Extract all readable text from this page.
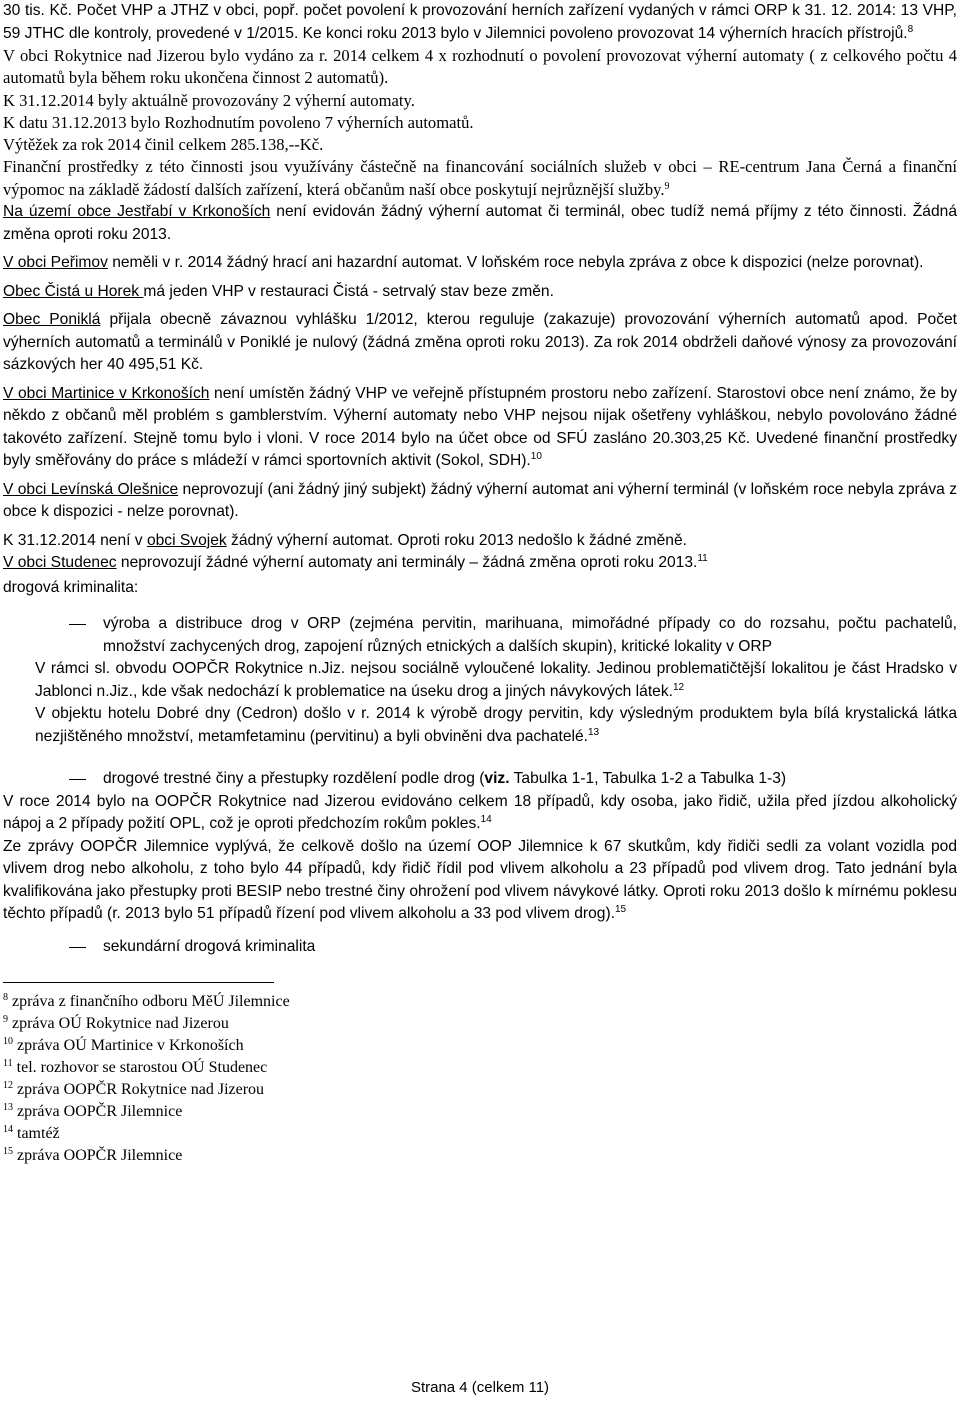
30 tis. Kč. Počet VHP a JTHZ v obci, popř. počet povolení k provozování herních zařízení vydaných v rámci ORP k 31. 12. 2014: 13 VHP, 59 JTHC dle kontroly, provedené v 1/2015. Ke konci roku 2013 bylo v Jilemnici povoleno provozovat 14 výherních hracích přístrojů.$^8$

V obci Rokytnice nad Jizerou bylo vydáno za r. 2014 celkem 4 x rozhodnutí o povolení provozovat výherní automaty ( z celkového počtu 4 automatů byla během roku ukončena činnost 2 automatů).

K 31.12.2014 byly aktuálně provozovány 2 výherní automaty.

K datu 31.12.2013 bylo Rozhodnutím povoleno 7 výherních automatů.

Výtěžek za rok 2014 činil celkem 285.138,--Kč.

Finanční prostředky z této činnosti jsou využívány částečně na financování sociálních služeb v obci – RE-centrum Jana Černá a finanční výpomoc na základě žádostí dalších zařízení, která občanům naší obce poskytují nejrůznější služby.$^9$

Na území obce Jestřabí v Krkonoších není evidován žádný výherní automat či terminál, obec tudíž nemá příjmy z této činnosti. Žádná změna oproti roku 2013.

V obci Peřimov neměli v r. 2014 žádný hrací ani hazardní automat. V loňském roce nebyla zpráva z obce k dispozici (nelze porovnat).

Obec Čistá u Horek má jeden VHP v restauraci Čistá - setrvalý stav beze změn.

Obec Poniklá přijala obecně závaznou vyhlášku 1/2012, kterou reguluje (zakazuje) provozování výherních automatů apod. Počet výherních automatů a terminálů v Poniklé je nulový (žádná změna oproti roku 2013). Za rok 2014 obdrželi daňové výnosy za provozování sázkových her 40 495,51 Kč.

V obci Martinice v Krkonoších není umístěn žádný VHP ve veřejně přístupném prostoru nebo zařízení. Starostovi obce není známo, že by někdo z občanů měl problém s gamblerstvím. Výherní automaty nebo VHP nejsou nijak ošetřeny vyhláškou, nebylo povolováno žádné takovéto zařízení. Stejně tomu bylo i vloni. V roce 2014 bylo na účet obce od SFÚ zasláno 20.303,25 Kč. Uvedené finanční prostředky byly směřovány do práce s mládeží v rámci sportovních aktivit (Sokol, SDH).$^{10}$

V obci Levínská Olešnice neprovozují (ani žádný jiný subjekt) žádný výherní automat ani výherní terminál (v loňském roce nebyla zpráva z obce k dispozici - nelze porovnat).

K 31.12.2014 není v obci Svojek žádný výherní automat. Oproti roku 2013 nedošlo k žádné změně.

V obci Studenec neprovozují žádné výherní automaty ani terminály – žádná změna oproti roku 2013.11

drogová kriminalita:

výroba a distribuce drog v ORP (zejména pervitin, marihuana, mimořádné případy co do rozsahu, počtu pachatelů, množství zachycených drog, zapojení různých etnických a dalších skupin), kritické lokality v ORP

V rámci sl. obvodu OOPČR Rokytnice n.Jiz. nejsou sociálně vyloučené lokality. Jedinou problematičtější lokalitou je část Hradsko v Jablonci n.Jiz., kde však nedochází k problematice na úseku drog a jiných návykových látek.$^{12}$

V objektu hotelu Dobré dny (Cedron) došlo v r. 2014 k výrobě drogy pervitin, kdy výsledným produktem byla bílá krystalická látka nezjištěného množství, metamfetaminu (pervitinu) a byli obviněni dva pachatelé.$^{13}$

drogové trestné činy a přestupky rozdělení podle drog (viz. Tabulka 1-1, Tabulka 1-2 a Tabulka 1-3)

V roce 2014 bylo na OOPČR Rokytnice nad Jizerou evidováno celkem 18 případů, kdy osoba, jako řidič, užila před jízdou alkoholický nápoj a 2 případy požití OPL, což je oproti předchozím rokům pokles.$^{14}$

Ze zprávy OOPČR Jilemnice vyplývá, že celkově došlo na území OOP Jilemnice k 67 skutkům, kdy řidiči sedli za volant vozidla pod vlivem drog nebo alkoholu, z toho bylo 44 případů, kdy řidič řídil pod vlivem alkoholu a 23 případů pod vlivem drog. Tato jednání byla kvalifikována jako přestupky proti BESIP nebo trestné činy ohrožení pod vlivem návykové látky. Oproti roku 2013 došlo k mírnému poklesu těchto případů (r. 2013 bylo 51 případů řízení pod vlivem alkoholu a 33 pod vlivem drog).$^{15}$

sekundární drogová kriminalita

$^8$ zpráva z finančního odboru MěÚ Jilemnice

$^9$ zpráva OÚ Rokytnice nad Jizerou

$^{10}$ zpráva OÚ Martinice v Krkonoších

$^{11}$ tel. rozhovor se starostou OÚ Studenec

$^{12}$ zpráva OOPČR Rokytnice nad Jizerou

$^{13}$ zpráva OOPČR Jilemnice

$^{14}$ tamtéž

$^{15}$ zpráva OOPČR Jilemnice

Strana 4 (celkem 11)
